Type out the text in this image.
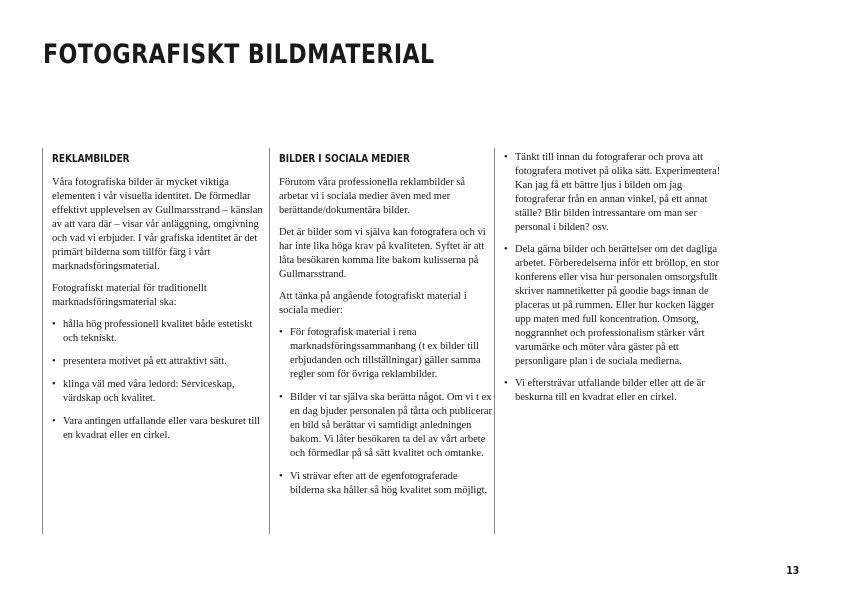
FOTOGRAFISKT BILDMATERIAL
REKLAMBILDER

Våra fotografiska bilder är mycket viktiga elementen i vår visuella identitet. De förmedlar effektivt upplevelsen av Gullmarsstrand – känslan av att vara där – visar vår anläggning, omgivning och vad vi erbjuder. I vår grafiska identitet är det primärt bilderna som tillför färg i vårt marknadsföringsmaterial.

Fotografiskt material för traditionellt marknadsföringsmaterial ska:

• hålla hög professionell kvalitet både estetiskt och tekniskt.
• presentera motivet på ett attraktivt sätt.
• klinga väl med våra ledord: Serviceskap, värdskap och kvalitet.
• Vara antingen utfallande eller vara beskuret till en kvadrat eller en cirkel.
BILDER I SOCIALA MEDIER

Förutom våra professionella reklambilder så arbetar vi i sociala medier även med mer berättande/dokumentära bilder.

Det är bilder som vi själva kan fotografera och vi har inte lika höga krav på kvaliteten. Syftet är att låta besökaren komma lite bakom kulisserna på Gullmarsstrand.

Att tänka på angående fotografiskt material i sociala medier:

• För fotografisk material i rena marknadsföringssammanhang (t ex bilder till erbjudanden och tillställningar) gäller samma regler som för övriga reklambilder.
• Bilder vi tar själva ska berätta något. Om vi t ex en dag bjuder personalen på tårta och publicerar en bild så berättar vi samtidigt anledningen bakom. Vi låter besökaren ta del av vårt arbete och förmedlar på så sätt kvalitet och omtanke.
• Vi strävar efter att de egenfotograferade bilderna ska håller så hög kvalitet som möjligt.
• Tänkt till innan du fotograferar och prova att fotografera motivet på olika sätt. Experimentera! Kan jag få ett bättre ljus i bilden om jag fotograferar från en annan vinkel, på ett annat ställe? Blir bilden intressantare om man ser personal i bilden? osv.
• Dela gärna bilder och berättelser om det dagliga arbetet. Förberedelserna inför ett bröllop, en stor konferens eller visa hur personalen omsorgsfullt skriver namnetiketter på goodie bags innan de placeras ut på rummen. Eller hur kocken lägger upp maten med full koncentration. Omsorg, noggrannhet och professionalism stärker vårt varumärke och möter våra gäster på ett personligare plan i de sociala medierna.
• Vi eftersträvar utfallande bilder eller att de är beskurna till en kvadrat eller en cirkel.
13
